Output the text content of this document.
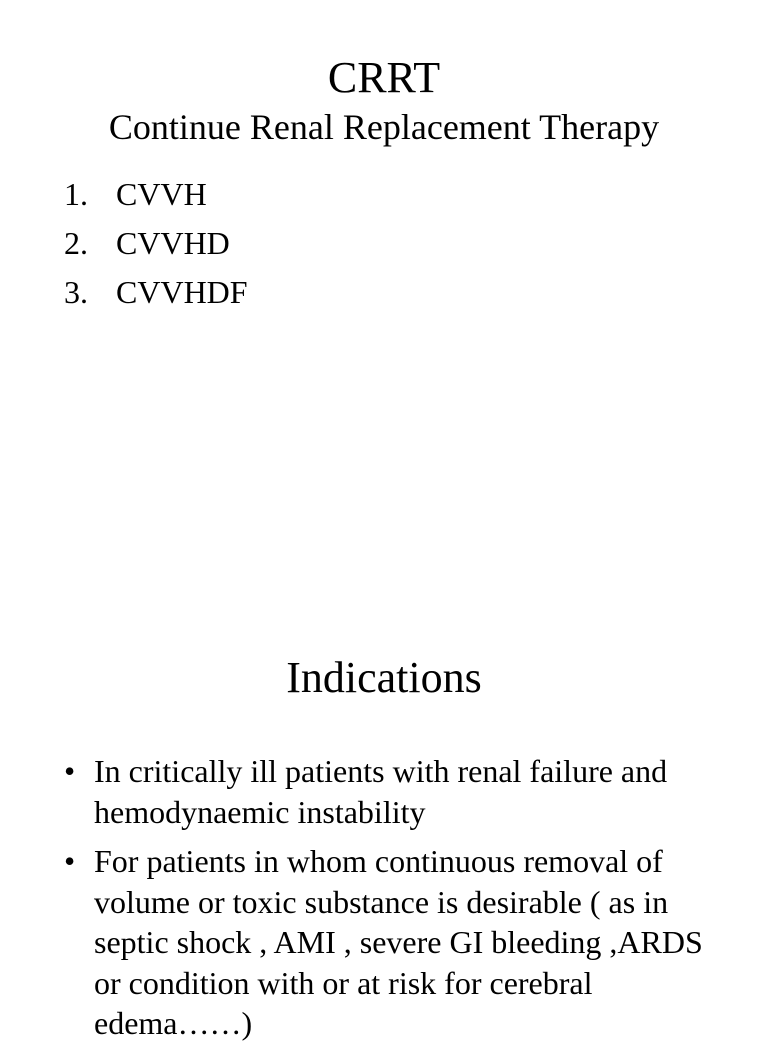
CRRT
Continue Renal Replacement Therapy
1. CVVH
2. CVVHD
3. CVVHDF
Indications
• In critically ill patients with renal failure and hemodynaemic instability
• For patients in whom continuous removal of volume or toxic substance is desirable ( as in septic shock , AMI , severe GI bleeding ,ARDS or condition with or at risk for cerebral edema……)
